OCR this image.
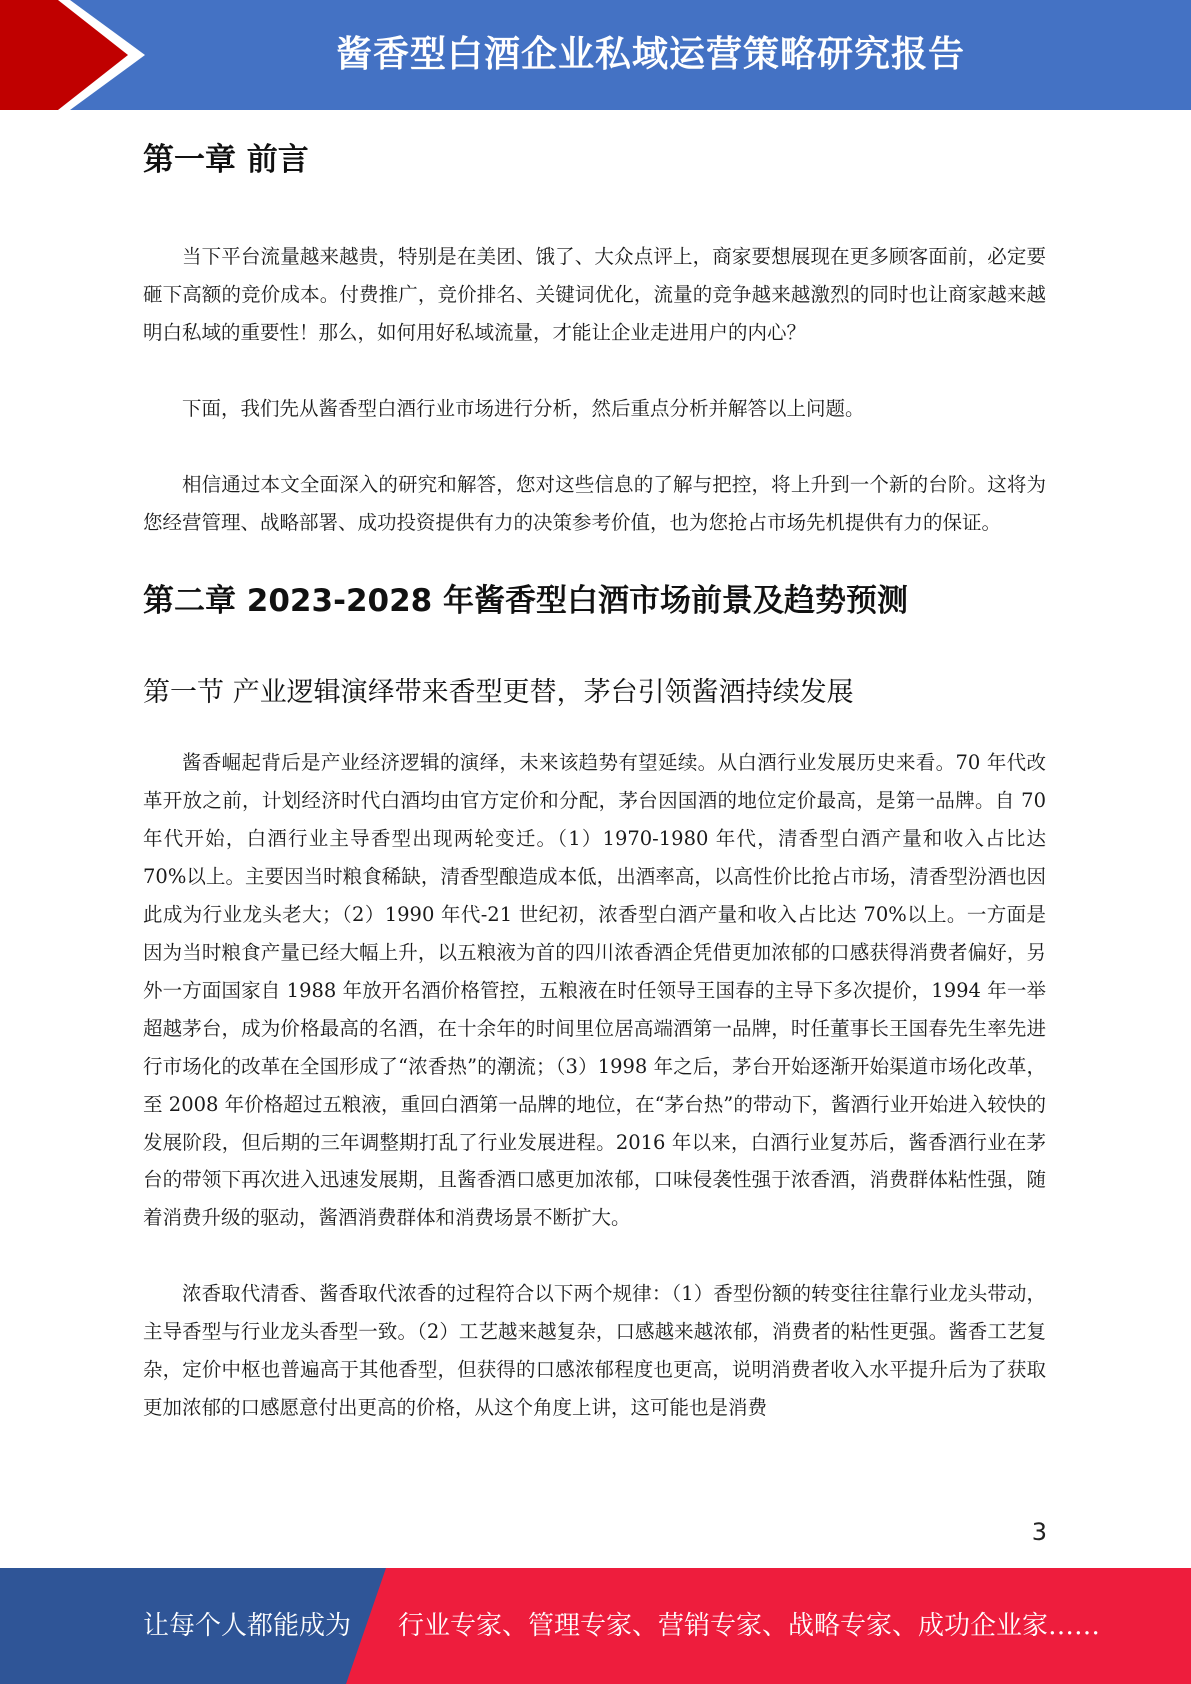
酱香型白酒企业私域运营策略研究报告
第一章 前言

当下平台流量越来越贵，特别是在美团、饿了、大众点评上，商家要想展现在更多顾客面前，必定要砸下高额的竞价成本。付费推广，竞价排名、关键词优化，流量的竞争越来越激烈的同时也让商家越来越明白私域的重要性！那么，如何用好私域流量，才能让企业走进用户的内心？

下面，我们先从酱香型白酒行业市场进行分析，然后重点分析并解答以上问题。

相信通过本文全面深入的研究和解答，您对这些信息的了解与把控，将上升到一个新的台阶。这将为您经营管理、战略部署、成功投资提供有力的决策参考价值，也为您抢占市场先机提供有力的保证。

第二章 2023-2028 年酱香型白酒市场前景及趋势预测
第一节 产业逻辑演绎带来香型更替，茅台引领酱酒持续发展

酱香崛起背后是产业经济逻辑的演绎，未来该趋势有望延续。从白酒行业发展历史来看。70 年代改革开放之前，计划经济时代白酒均由官方定价和分配，茅台因国酒的地位定价最高，是第一品牌。自 70 年代开始，白酒行业主导香型出现两轮变迁。（1）1970-1980 年代，清香型白酒产量和收入占比达 70%以上。主要因当时粮食稀缺，清香型酿造成本低，出酒率高，以高性价比抢占市场，清香型汾酒也因此成为行业龙头老大；（2）1990 年代-21 世纪初，浓香型白酒产量和收入占比达 70%以上。一方面是因为当时粮食产量已经大幅上升，以五粮液为首的四川浓香酒企凭借更加浓郁的口感获得消费者偏好，另外一方面国家自 1988 年放开名酒价格管控，五粮液在时任领导王国春的主导下多次提价，1994 年一举超越茅台，成为价格最高的名酒，在十余年的时间里位居高端酒第一品牌，时任董事长王国春先生率先进行市场化的改革在全国形成了“浓香热”的潮流；（3）1998 年之后，茅台开始逐渐开始渠道市场化改革，至 2008 年价格超过五粮液，重回白酒第一品牌的地位，在“茅台热”的带动下，酱酒行业开始进入较快的发展阶段，但后期的三年调整期打乱了行业发展进程。2016 年以来，白酒行业复苏后，酱香酒行业在茅台的带领下再次进入迅速发展期，且酱香酒口感更加浓郁，口味侵袭性强于浓香酒，消费群体粘性强，随着消费升级的驱动，酱酒消费群体和消费场景不断扩大。

浓香取代清香、酱香取代浓香的过程符合以下两个规律：（1）香型份额的转变往往靠行业龙头带动，主导香型与行业龙头香型一致。（2）工艺越来越复杂，口感越来越浓郁，消费者的粘性更强。酱香工艺复杂，定价中枢也普遍高于其他香型，但获得的口感浓郁程度也更高，说明消费者收入水平提升后为了获取更加浓郁的口感愿意付出更高的价格，从这个角度上讲，这可能也是消费

3
让每个人都能成为 行业专家、管理专家、营销专家、战略专家、成功企业家……
